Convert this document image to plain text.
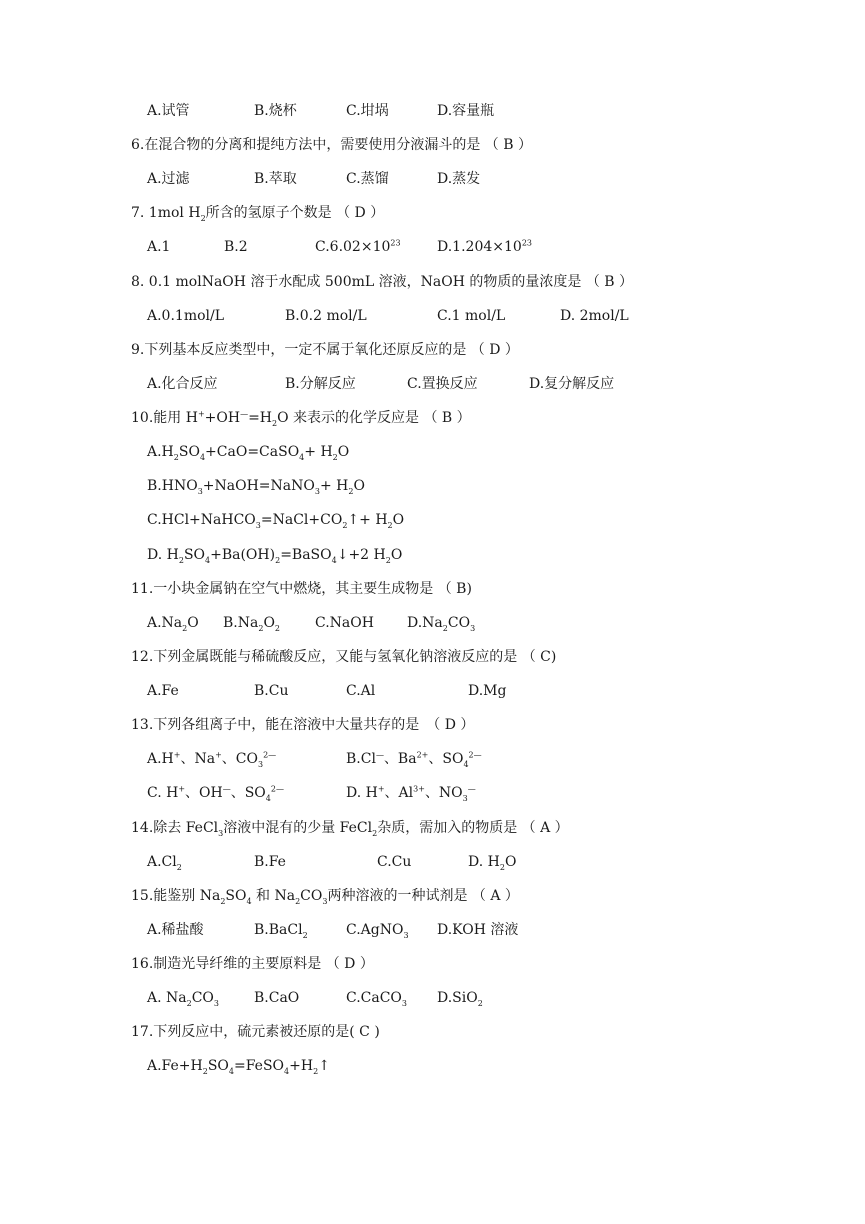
A.试管	B.烧杯	C.坩埚	D.容量瓶
6.在混合物的分离和提纯方法中，需要使用分液漏斗的是 （ B ）
A.过滤	B.萃取	C.蒸馏	D.蒸发
7. 1mol $H_2$所含的氢原子个数是 （ D ）
A.1	B.2	$C.6.02\times 10^{23}$	$D.1.204\times 10^{23}$
8. 0.1 molNaOH 溶于水配成 500mL 溶液，NaOH 的物质的量浓度是 （ B ）
A.0.1mol/L	B.0.2 mol/L	C.1 mol/L	D. 2mol/L
9.下列基本反应类型中，一定不属于氧化还原反应的是 （ D ）
A.化合反应	B.分解反应	C.置换反应	D.复分解反应
10.能用 $H^++OH^—=H_2O$ 来表示的化学反应是 （ B ）
$A.H_2SO_4+CaO=CaSO_4+ H_2O$
$B.HNO_3+NaOH=NaNO_3+ H_2O$
$C.HCl+NaHCO_3=NaCl+CO_2↑+ H_2O$
D. $H_2SO_4+Ba(OH)_2=BaSO_4↓+2$ $H_2O$
11.一小块金属钠在空气中燃烧，其主要生成物是 （ B)
$A.Na_2O$ $B.Na_2O_2$ C.NaOH $D.Na_2CO_3$
12.下列金属既能与稀硫酸反应，又能与氢氧化钠溶液反应的是 （ C)
A.Fe	B.Cu	C.Al	D.Mg
13.下列各组离子中，能在溶液中大量共存的是　（ D ）
A.H+、Na+、$CO_3^{2—}$	B.Cl—、$Ba^{2+}$、$SO_4^{2—}$
C. H+、OH—、$SO_4^{2—}$	D. H+、$Al^{3+}$、$NO_3^—$
14.除去 FeCl$_3$溶液中混有的少量 FeCl$_2$杂质，需加入的物质是 （ A ）
$A.Cl_2$	B.Fe	C.Cu	D. $H_2O$
15.能鉴别 $Na_2SO_4$ 和 $Na_2CO_3$两种溶液的一种试剂是 （ A ）
A.稀盐酸	B.BaCl$_2$	C.AgNO$_3$ D.KOH 溶液
16.制造光导纤维的主要原料是 （ D ）
A. $Na_2CO_3$	B.CaO	C.CaCO$_3$ D.SiO$_2$
17.下列反应中，硫元素被还原的是( C )
$A.Fe+H_2SO_4=FeSO_4+H_2↑$
